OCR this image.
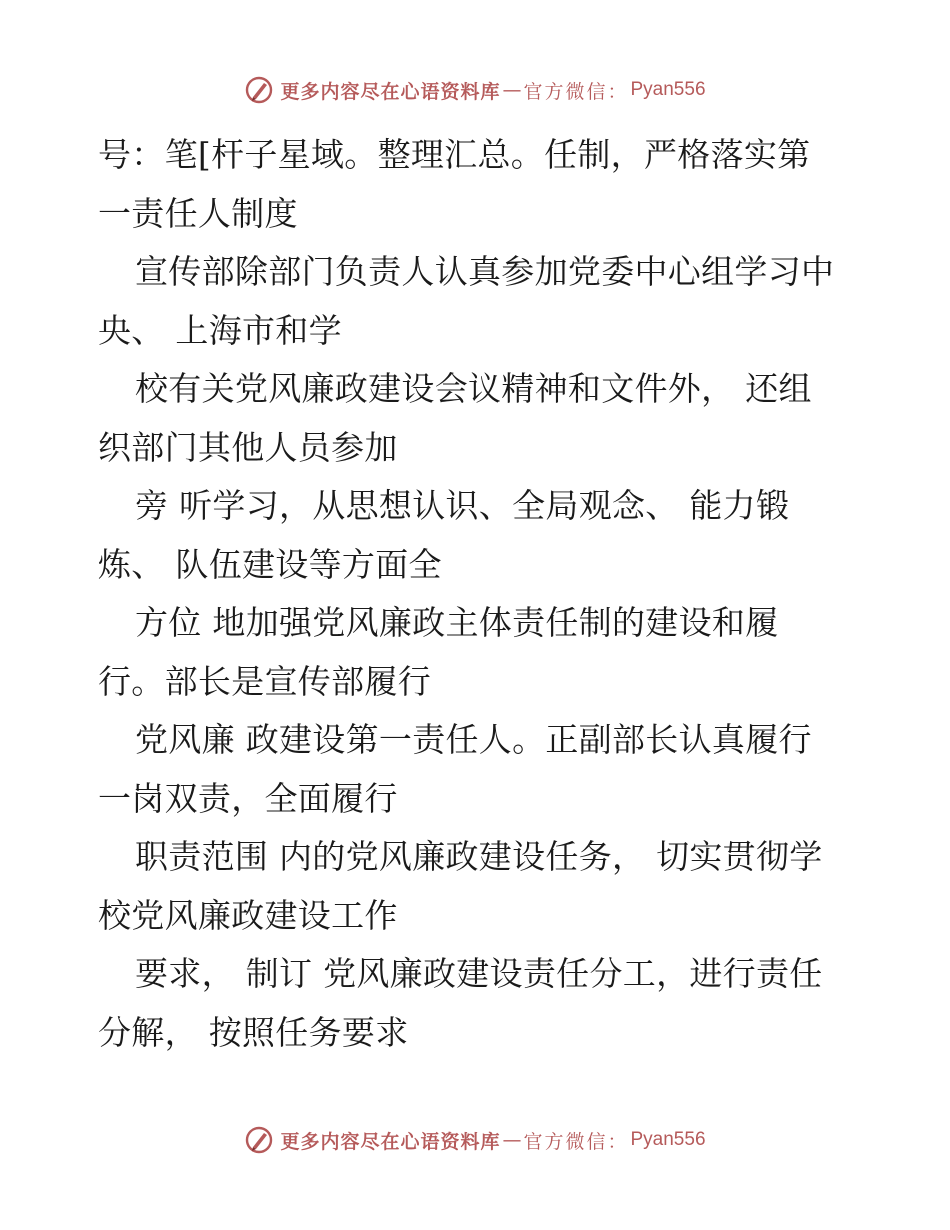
更多内容尽在心语资料库 — 官方微信： Pyan556
号：笔[杆子星域。整理汇总。任制，严格落实第
一责任人制度
宣传部除部门负责人认真参加党委中心组学习中
央、 上海市和学
校有关党风廉政建设会议精神和文件外， 还组
织部门其他人员参加
旁 听学习，从思想认识、全局观念、 能力锻
炼、 队伍建设等方面全
方位 地加强党风廉政主体责任制的建设和履
行。部长是宣传部履行
党风廉 政建设第一责任人。正副部长认真履行
一岗双责，全面履行
职责范围 内的党风廉政建设任务， 切实贯彻学
校党风廉政建设工作
要求， 制订 党风廉政建设责任分工，进行责任
分解， 按照任务要求
更多内容尽在心语资料库 — 官方微信： Pyan556
